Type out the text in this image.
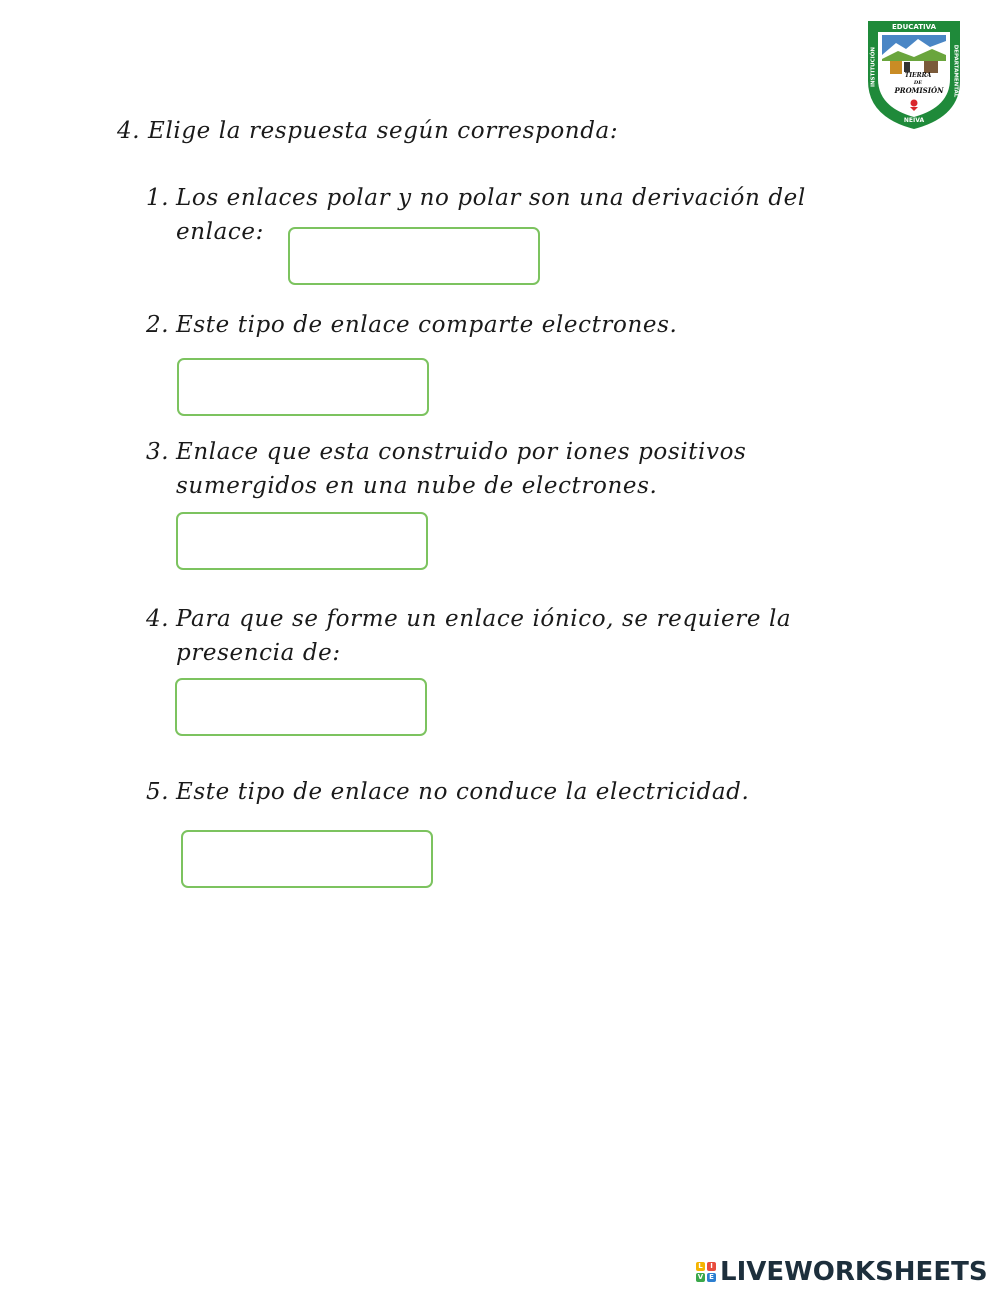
EDUCATIVA
INSTITUCIÓN	DEPARTAMENTAL
TIERRA
DE
PROMISIÓN
NEIVA
4. Elige la respuesta según corresponda:
1. Los enlaces polar y no polar son una derivación del
enlace:
2. Este tipo de enlace comparte electrones.
3. Enlace que esta construido por iones positivos
sumergidos en una nube de electrones.
4. Para que se forme un enlace iónico, se requiere la
presencia de:
5. Este tipo de enlace no conduce la electricidad.
L	I
V E LIVEWORKSHEETS
